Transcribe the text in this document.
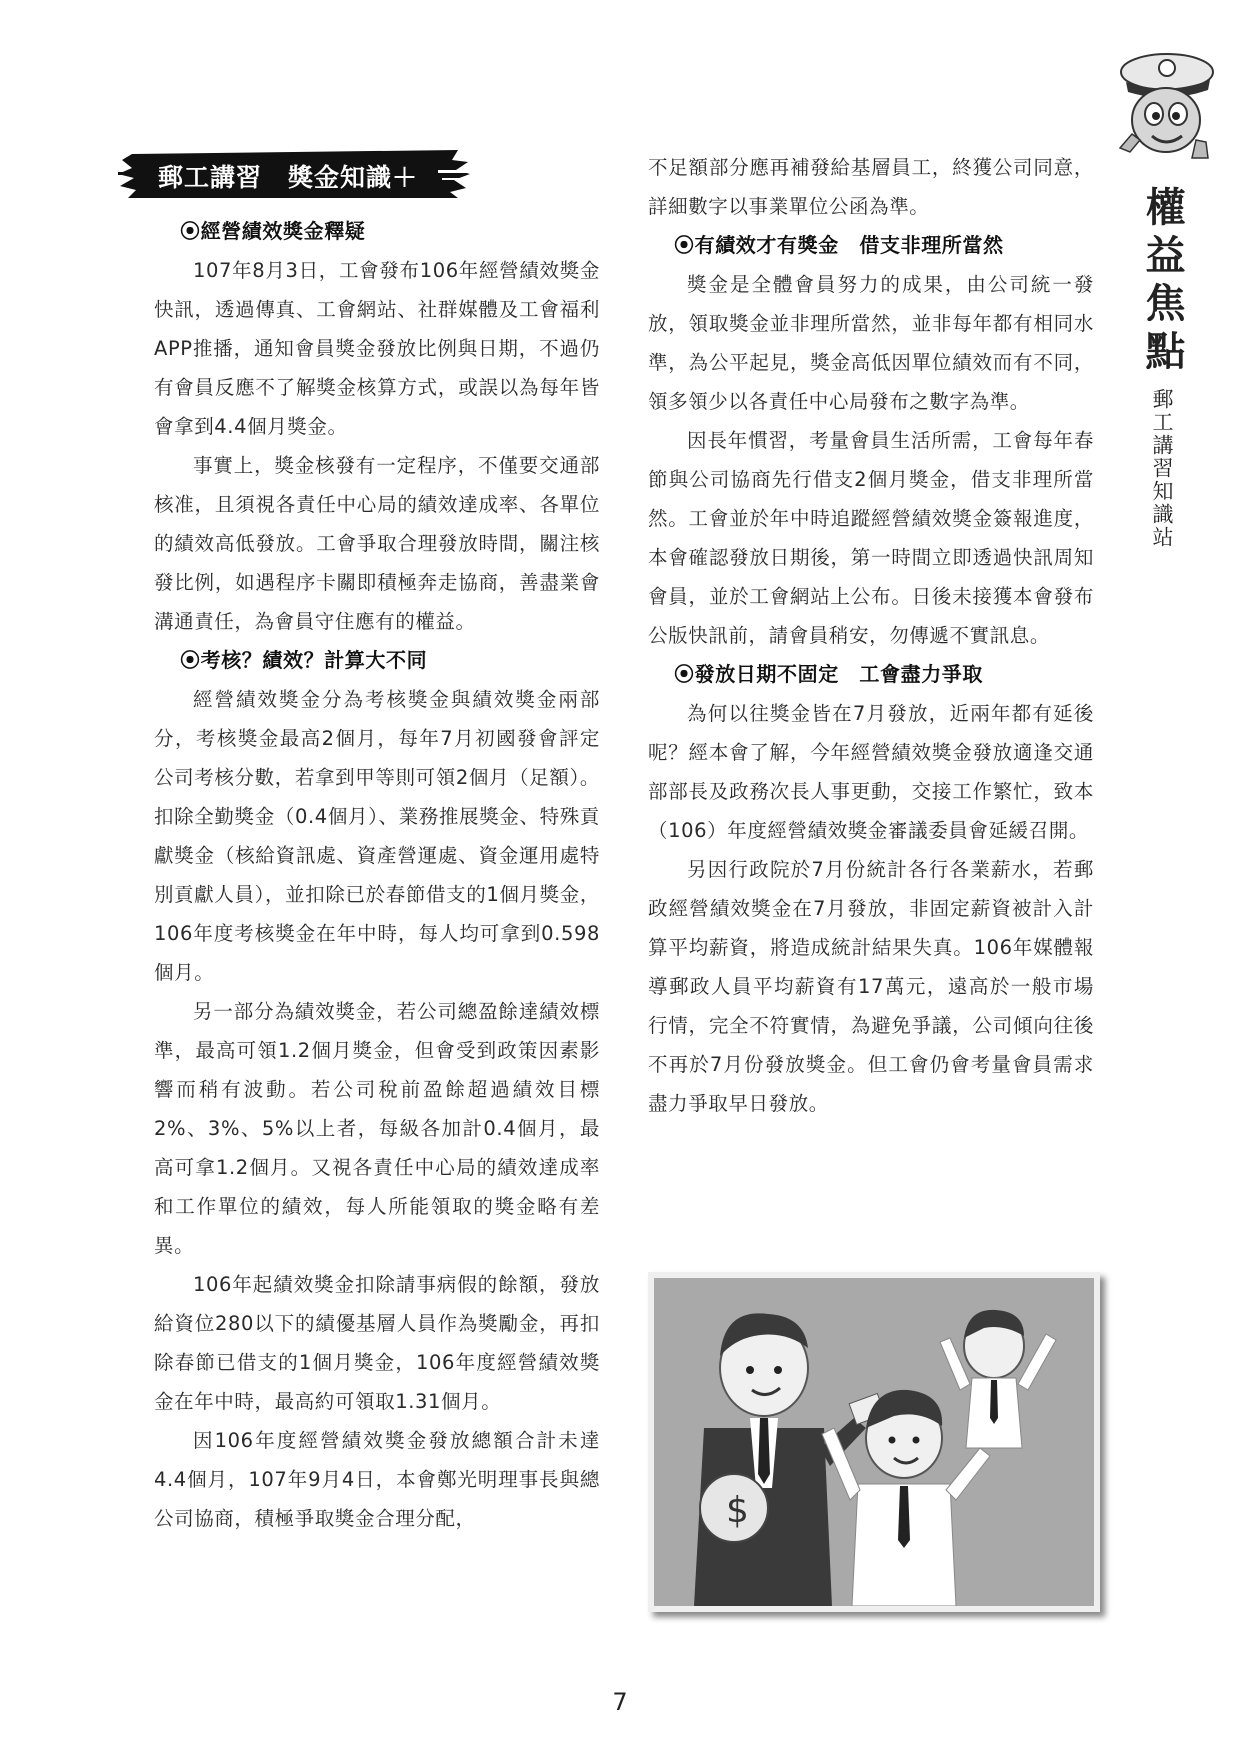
權益焦點
郵工講習知識站
郵工講習　獎金知識＋
⦿經營績效獎金釋疑

107年8月3日，工會發布106年經營績效獎金快訊，透過傳真、工會網站、社群媒體及工會福利APP推播，通知會員獎金發放比例與日期，不過仍有會員反應不了解獎金核算方式，或誤以為每年皆會拿到4.4個月獎金。

事實上，獎金核發有一定程序，不僅要交通部核准，且須視各責任中心局的績效達成率、各單位的績效高低發放。工會爭取合理發放時間，關注核發比例，如遇程序卡關即積極奔走協商，善盡業會溝通責任，為會員守住應有的權益。

⦿考核？績效？計算大不同

經營績效獎金分為考核獎金與績效獎金兩部分，考核獎金最高2個月，每年7月初國發會評定公司考核分數，若拿到甲等則可領2個月（足額）。扣除全勤獎金（0.4個月）、業務推展獎金、特殊貢獻獎金（核給資訊處、資產營運處、資金運用處特別貢獻人員），並扣除已於春節借支的1個月獎金，106年度考核獎金在年中時，每人均可拿到0.598個月。

另一部分為績效獎金，若公司總盈餘達績效標準，最高可領1.2個月獎金，但會受到政策因素影響而稍有波動。若公司稅前盈餘超過績效目標2%、3%、5%以上者，每級各加計0.4個月，最高可拿1.2個月。又視各責任中心局的績效達成率和工作單位的績效，每人所能領取的獎金略有差異。

106年起績效獎金扣除請事病假的餘額，發放給資位280以下的績優基層人員作為獎勵金，再扣除春節已借支的1個月獎金，106年度經營績效獎金在年中時，最高約可領取1.31個月。

因106年度經營績效獎金發放總額合計未達4.4個月，107年9月4日，本會鄭光明理事長與總公司協商，積極爭取獎金合理分配，

不足額部分應再補發給基層員工，終獲公司同意，詳細數字以事業單位公函為準。

⦿有績效才有獎金　借支非理所當然

獎金是全體會員努力的成果，由公司統一發放，領取獎金並非理所當然，並非每年都有相同水準，為公平起見，獎金高低因單位績效而有不同，領多領少以各責任中心局發布之數字為準。

因長年慣習，考量會員生活所需，工會每年春節與公司協商先行借支2個月獎金，借支非理所當然。工會並於年中時追蹤經營績效獎金簽報進度，本會確認發放日期後，第一時間立即透過快訊周知會員，並於工會網站上公布。日後未接獲本會發布公版快訊前，請會員稍安，勿傳遞不實訊息。

⦿發放日期不固定　工會盡力爭取

為何以往獎金皆在7月發放，近兩年都有延後呢？經本會了解，今年經營績效獎金發放適逢交通部部長及政務次長人事更動，交接工作繁忙，致本（106）年度經營績效獎金審議委員會延緩召開。

另因行政院於7月份統計各行各業薪水，若郵政經營績效獎金在7月發放，非固定薪資被計入計算平均薪資，將造成統計結果失真。106年媒體報導郵政人員平均薪資有17萬元，遠高於一般市場行情，完全不符實情，為避免爭議，公司傾向往後不再於7月份發放獎金。但工會仍會考量會員需求盡力爭取早日發放。

$
7
